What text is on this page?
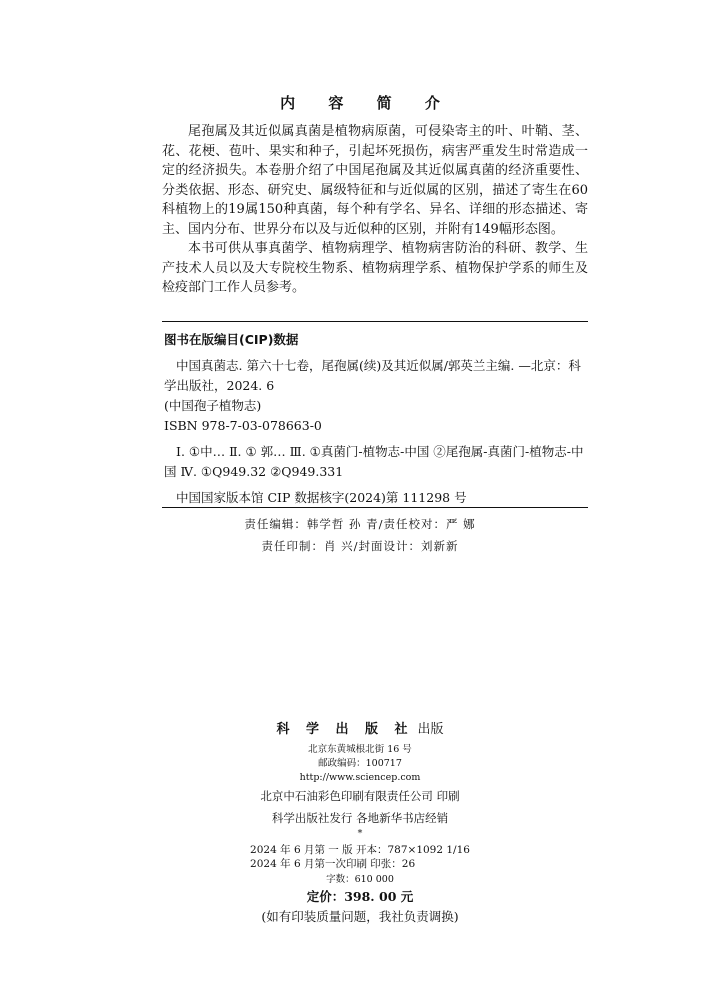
内 容 简 介

尾孢属及其近似属真菌是植物病原菌，可侵染寄主的叶、叶鞘、茎、花、花梗、苞叶、果实和种子，引起坏死损伤，病害严重发生时常造成一定的经济损失。本卷册介绍了中国尾孢属及其近似属真菌的经济重要性、分类依据、形态、研究史、属级特征和与近似属的区别，描述了寄生在60科植物上的19属150种真菌，每个种有学名、异名、详细的形态描述、寄主、国内分布、世界分布以及与近似种的区别，并附有149幅形态图。

本书可供从事真菌学、植物病理学、植物病害防治的科研、教学、生产技术人员以及大专院校生物系、植物病理学系、植物保护学系的师生及检疫部门工作人员参考。

图书在版编目(CIP)数据
中国真菌志. 第六十七卷，尾孢属(续)及其近似属/郭英兰主编. —北京：科学出版社，2024. 6
(中国孢子植物志)
ISBN 978-7-03-078663-0
Ⅰ. ①中… Ⅱ. ① 郭… Ⅲ. ①真菌门-植物志-中国 ②尾孢属-真菌门-植物志-中国 Ⅳ. ①Q949.32 ②Q949.331
中国国家版本馆 CIP 数据核字(2024)第 111298 号
责任编辑：韩学哲 孙 青/责任校对：严 娜
责任印制：肖 兴/封面设计：刘新新
科 学 出 版 社 出版
北京东黄城根北街 16 号
邮政编码：100717
http://www.sciencep.com
北京中石油彩色印刷有限责任公司 印刷
科学出版社发行 各地新华书店经销
*
2024 年 6 月第 一 版 开本：787×1092 1/16
2024 年 6 月第一次印刷 印张：26
字数：610 000
定价：398. 00 元
(如有印装质量问题，我社负责调换)
